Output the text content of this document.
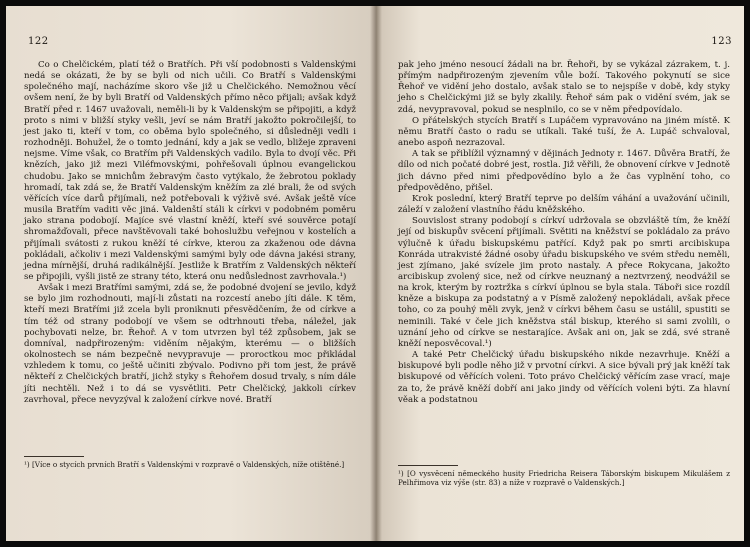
122

Co o Chelčickém, platí též o Bratřích. Při vší podobnosti s Valdenskými nedá se okázati, že by se byli od nich učili. Co Bratří s Valdenskými společného mají, nacházíme skoro vše již u Chelčického. Nemožnou věcí ovšem není, že by byli Bratří od Valdenských přímo něco přijali; avšak když Bratří před r. 1467 uvažovali, neměli-li by k Valdenským se připojiti, a když proto s nimi v bližší styky vešli, jeví se nám Bratří jakožto pokročilejší, to jest jako ti, kteří v tom, co oběma bylo společného, si důsledněji vedli i rozhodněji. Bohužel, že o tomto jednání, kdy a jak se vedlo, bližeje zpraveni nejsme. Víme však, co Bratřím při Valdenských vadilo. Byla to dvojí věc. Při knězích, jako již mezi Viléfmovskými, pohřešovali úplnou evangelickou chudobu. Jako se mnichům žebravým často vytýkalo, že žebrotou poklady hromadí, tak zdá se, že Bratří Valdenským kněžím za zlé brali, že od svých věřících více darů přijímali, než potřebovali k výživě své. Avšak ještě více musila Bratřím vaditi věc jiná. Valdenští stáli k církvi v podobném poměru jako strana podobojí. Majíce své vlastní kněží, kteří své souvěrce potají shromažďovali, přece navštěvovali také bohoslužbu veřejnou v kostelích a přijímali svátosti z rukou kněží té církve, kterou za zkaženou ode dávna pokládali, ačkoliv i mezi Valdenskými samými byly ode dávna jakési strany, jedna mírnější, druhá radikálnější. Jestliže k Bratřím z Valdenských někteří se připojili, vyšli jistě ze strany této, která onu nedůslednost zavrhovala.¹)

Avšak i mezi Bratřími samými, zdá se, že podobné dvojení se jevilo, když se bylo jim rozhodnouti, mají-li zůstati na rozcestí anebo jíti dále. K těm, kteří mezi Bratřími již zcela byli proniknuti přesvědčením, že od církve a tím též od strany podobojí ve všem se odtrhnouti třeba, náležel, jak pochybovati nelze, br. Řehoř. A v tom utvrzen byl též způsobem, jak se domníval, nadpřirozeným: viděním nějakým, kterému — o bližších okolnostech se nám bezpečně nevypravuje — proroctkou moc přikládal vzhledem k tomu, co ještě učiniti zbývalo. Podivno při tom jest, že právě někteří z Chelčických bratří, jichž styky s Řehořem dosud trvaly, s ním dále jíti nechtěli. Než i to dá se vysvětliti. Petr Chelčický, jakkoli církev zavrhoval, přece nevyzýval k založení církve nové. Bratří

¹) [Více o stycích prvních Bratří s Valdenskými v rozpravě o Valdenských, níže otištěné.]

123

pak jeho jméno nesoucí žádali na br. Řehoři, by se vykázal zázrakem, t. j. přímým nadpřirozeným zjevením vůle boží. Takového pokynutí se sice Řehoř ve vidění jeho dostalo, avšak stalo se to nejspíše v době, kdy styky jeho s Chelčickými již se byly zkalily. Řehoř sám pak o vidění svém, jak se zdá, nevypravoval, pokud se nesplnilo, co se v něm předpovídalo.

O přátelských stycích Bratří s Lupáčem vypravováno na jiném místě. K němu Bratří často o radu se utíkali. Také tuší, že A. Lupáč schvaloval, anebo aspoň nezrazoval.

A tak se přiblížil významný v dějinách Jednoty r. 1467. Důvěra Bratří, že dílo od nich počaté dobré jest, rostla. Již věřili, že obnovení církve v Jednotě jich dávno před nimi předpovědíno bylo a že čas vyplnění toho, co předpověděno, přišel.

Krok poslední, který Bratří teprve po delším váhání a uvažování učinili, záleží v založení vlastního řádu kněžského.

Souvislost strany podobojí s církví udržovala se obzvláště tím, že kněží její od biskupův svěcení přijímali. Světiti na kněžství se pokládalo za právo výlučně k úřadu biskupskému patřící. Když pak po smrti arcibiskupa Konráda utrakvisté žádné osoby úřadu biskupského ve svém středu neměli, jest zjímano, jaké svízele jim proto nastaly. A přece Rokycana, jakožto arcibiskup zvolený sice, než od církve neuznaný a neztvrzený, neodvážil se na krok, kterým by roztržka s církví úplnou se byla stala. Táboři sice rozdíl kněze a biskupa za podstatný a v Písmě založený nepokládali, avšak přece toho, co za pouhý měli zvyk, jenž v církvi během času se ustálil, spustiti se neminili. Také v čele jich kněžstva stál biskup, kterého si sami zvolili, o uznání jeho od církve se nestarajíce. Avšak ani on, jak se zdá, své straně kněží neposvěcoval.¹)

A také Petr Chelčický úřadu biskupského nikde nezavrhuje. Kněží a biskupové byli podle něho již v prvotní církvi. A sice bývali prý jak kněží tak biskupové od věřících voleni. Toto právo Chelčický věřícím zase vrací, maje za to, že právě kněží dobří ani jako jindy od věřících voleni býti. Za hlavní věak a podstatnou

¹) [O vysvěcení německého husity Friedricha Reisera Táborským biskupem Mikulášem z Pelhřimova viz výše (str. 83) a níže v rozpravě o Valdenských.]
